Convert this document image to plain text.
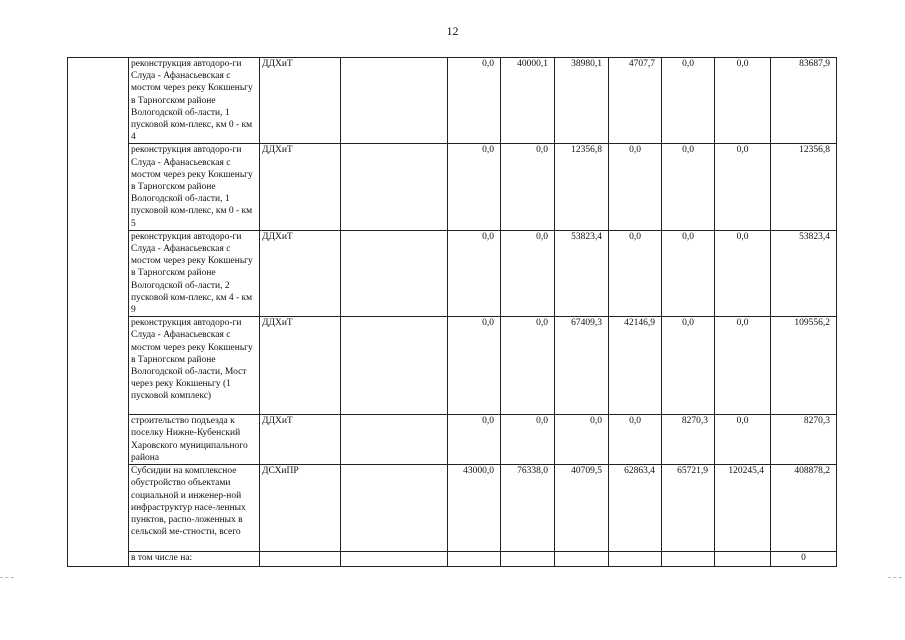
12
	реконструкция автодоро-ги Слуда - Афанасьевская с мостом через реку Кокшеньгу в Тарногском районе Вологодской об-ласти, 1 пусковой ком-плекс, км 0 - км 4	ДДХиТ		0,0	40000,1	38980,1	4707,7	0,0	0,0	83687,9
	реконструкция автодоро-ги Слуда - Афанасьевская с мостом через реку Кокшеньгу в Тарногском районе Вологодской об-ласти, 1 пусковой ком-плекс, км 0 - км 5	ДДХиТ		0,0	0,0	12356,8	0,0	0,0	0,0	12356,8
	реконструкция автодоро-ги Слуда - Афанасьевская с мостом через реку Кокшеньгу в Тарногском районе Вологодской об-ласти, 2 пусковой ком-плекс, км 4 - км 9	ДДХиТ		0,0	0,0	53823,4	0,0	0,0	0,0	53823,4
	реконструкция автодоро-ги Слуда - Афанасьевская с мостом через реку Кокшеньгу в Тарногском районе Вологодской об-ласти, Мост через реку Кокшеньгу (1 пусковой комплекс)	ДДХиТ		0,0	0,0	67409,3	42146,9	0,0	0,0	109556,2
	строительство подъезда к поселку Нижне-Кубенский Харовского муниципального района	ДДХиТ		0,0	0,0	0,0	0,0	8270,3	0,0	8270,3
	Субсидии на комплексное обустройство объектами социальной и инженер-ной инфраструктур насе-ленных пунктов, распо-ложенных в сельской ме-стности, всего	ДСХиПР		43000,0	76338,0	40709,5	62863,4	65721,9	120245,4	408878,2
	в том числе на:									0
